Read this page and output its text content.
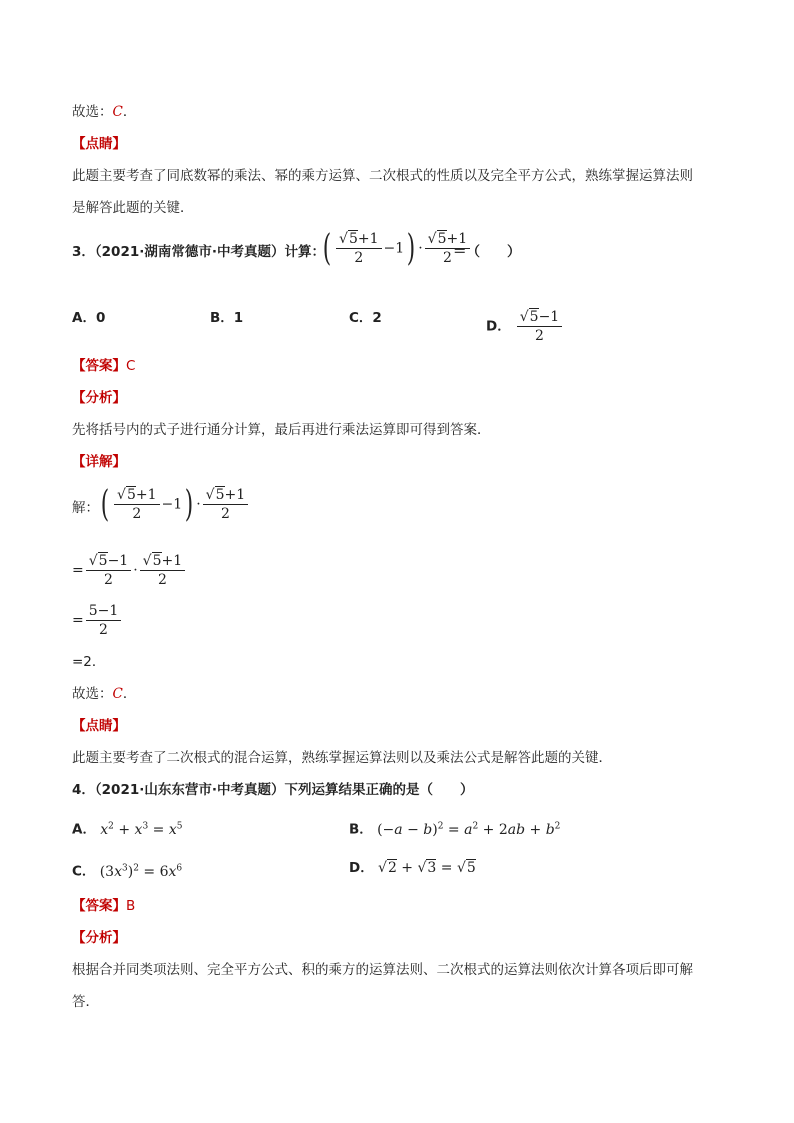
故选：C．
【点睛】
此题主要考查了同底数幂的乘法、幂的乘方运算、二次根式的性质以及完全平方公式，熟练掌握运算法则
是解答此题的关键．
3．（2021·湖南常德市·中考真题）计算：
( $\frac{√5+1}{2} -1) \cdot \frac{√5+1}{2}$
＝（　　）
A．0	B．1	C．2
D． $\frac{√5-1}{2}$
【答案】C
【分析】
先将括号内的式子进行通分计算，最后再进行乘法运算即可得到答案．
【详解】
解： ( $\frac{√5+1}{2} -1) \cdot \frac{√5+1}{2}$
= $\frac{√5-1}{2} \cdot \frac{√5+1}{2}$
= $\frac{5-1}{2}$
=2．
故选：C．
【点睛】
此题主要考查了二次根式的混合运算，熟练掌握运算法则以及乘法公式是解答此题的关键．
4．（2021·山东东营市·中考真题）下列运算结果正确的是（　　）
A． $x^2 + x^3 = x^5$	B． $(-a - b)^2 = a^2 + 2ab + b^2$
C． $(3x^3)^2 = 6x^6$	D． √2 + √3 = √5
【答案】B
【分析】
根据合并同类项法则、完全平方公式、积的乘方的运算法则、二次根式的运算法则依次计算各项后即可解
答．
